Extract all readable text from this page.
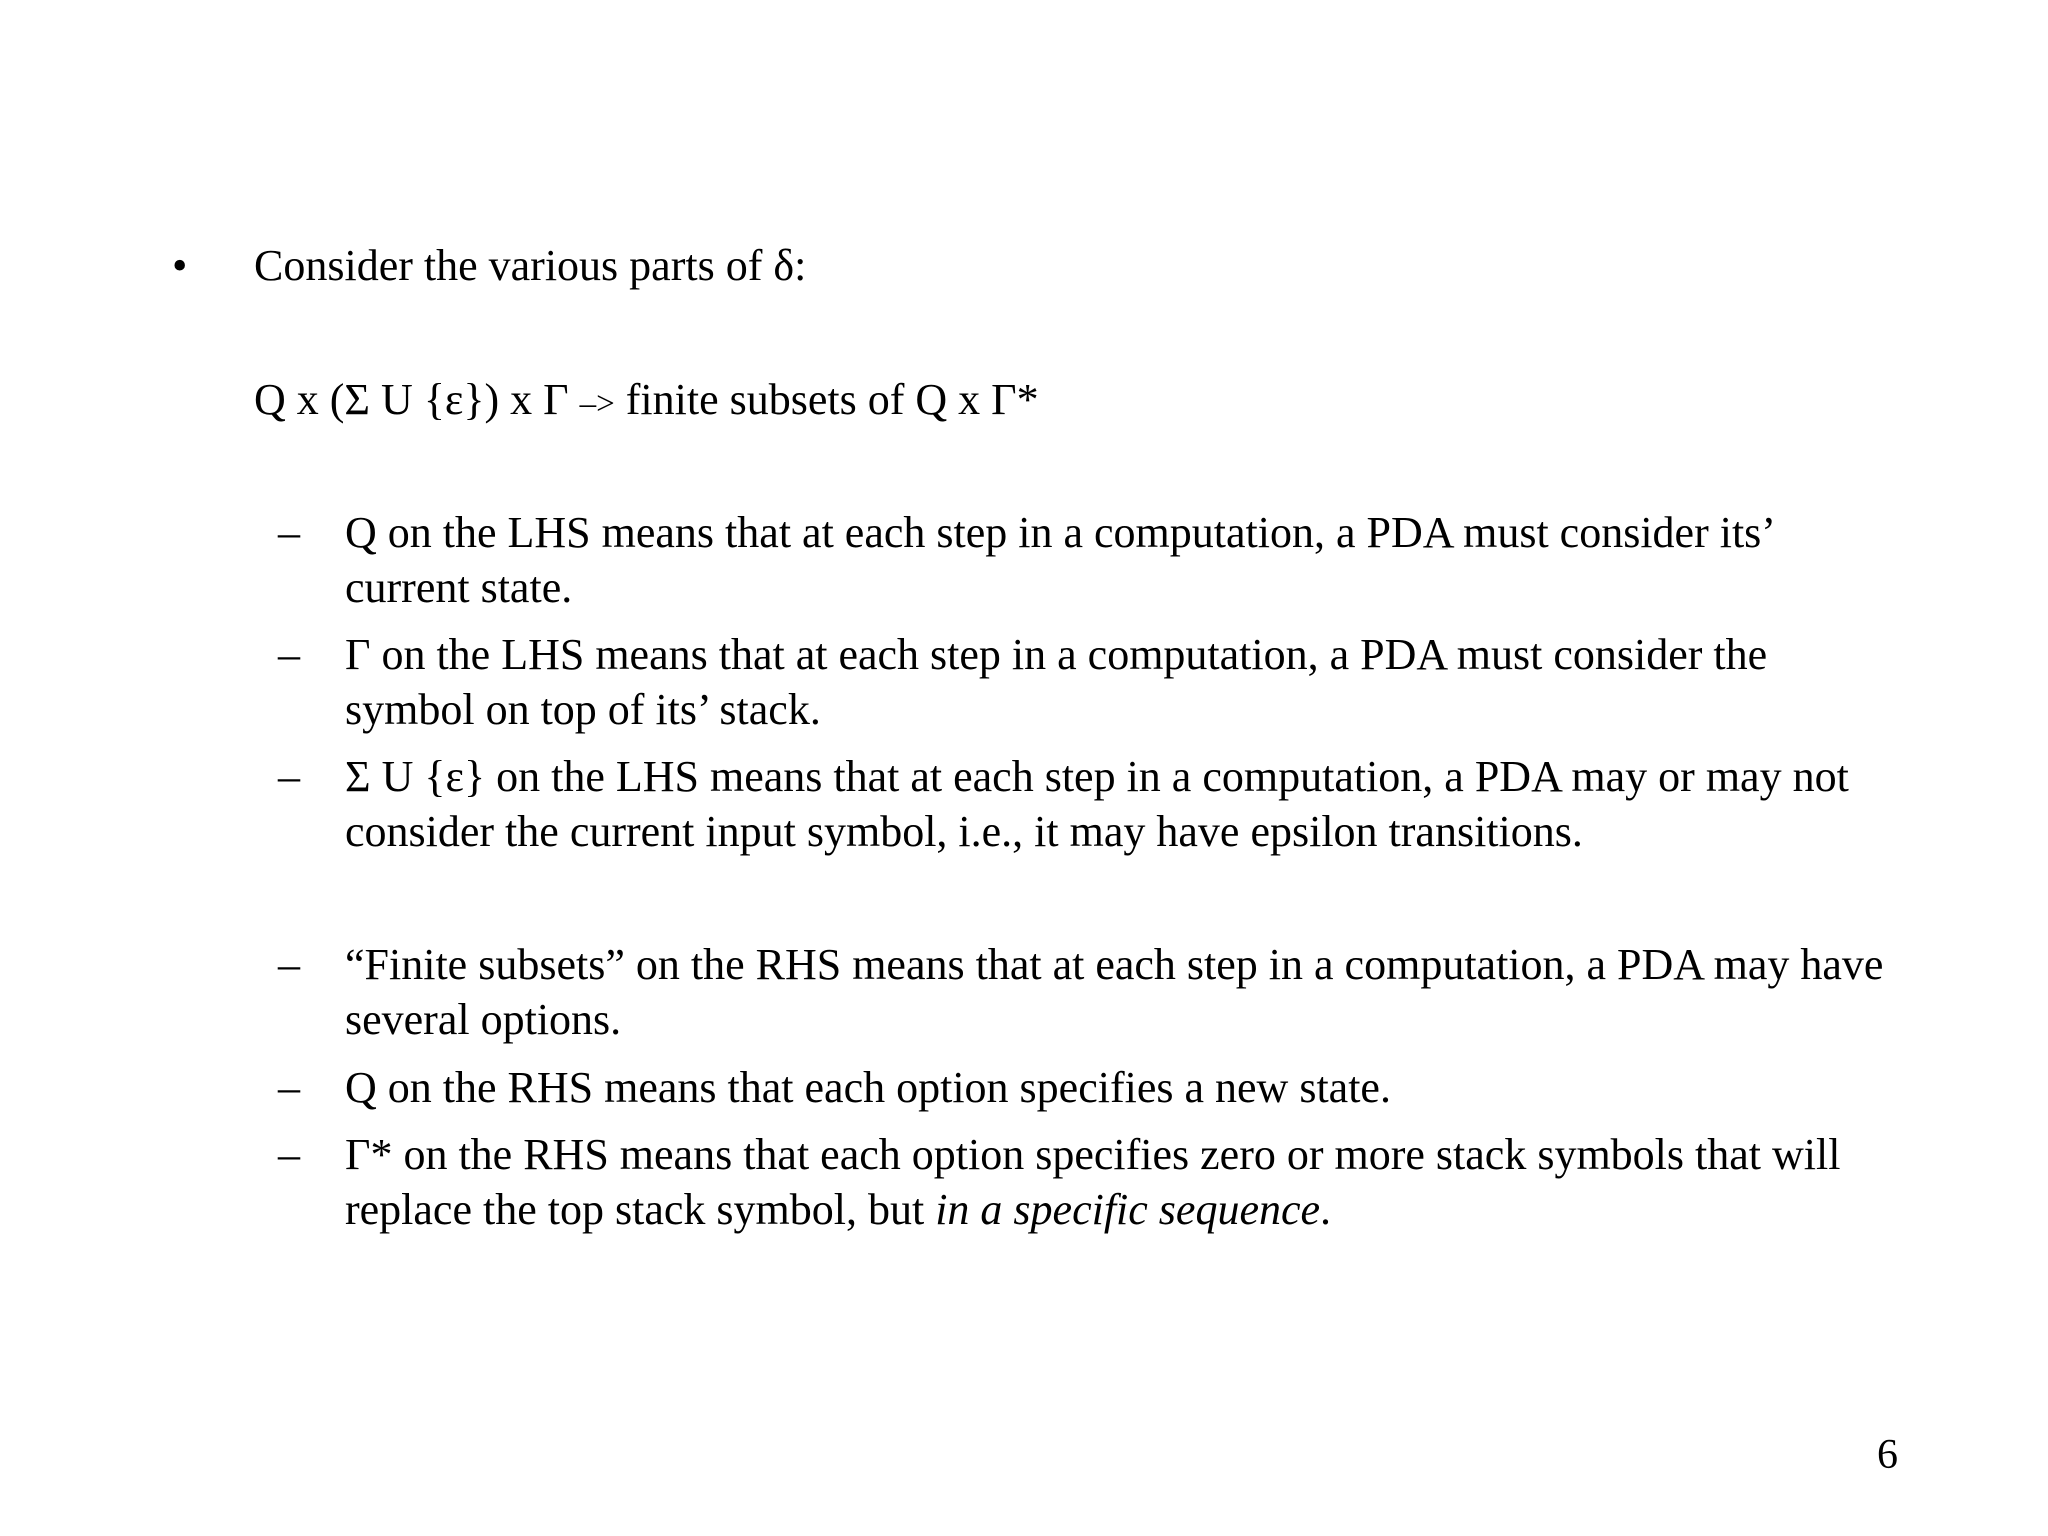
•	Consider the various parts of δ:
Q x (Σ U {ε}) x Γ –> finite subsets of Q x Γ*
–	Q on the LHS means that at each step in a computation, a PDA must consider its’ current state.
–	Γ on the LHS means that at each step in a computation, a PDA must consider the symbol on top of its’ stack.
–	Σ U {ε} on the LHS means that at each step in a computation, a PDA may or may not consider the current input symbol, i.e., it may have epsilon transitions.
–	“Finite subsets” on the RHS means that at each step in a computation, a PDA may have several options.
–	Q on the RHS means that each option specifies a new state.
–	Γ* on the RHS means that each option specifies zero or more stack symbols that will replace the top stack symbol, but in a specific sequence.
6
